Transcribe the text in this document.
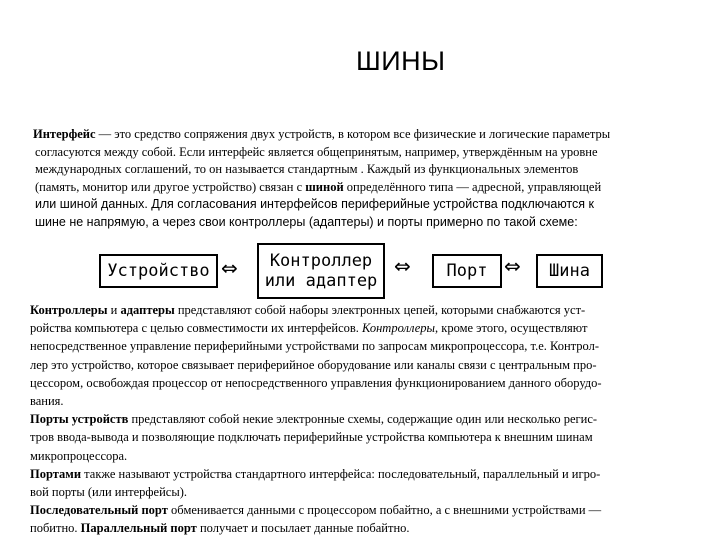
ШИНЫ
Интерфейс — это средство сопряжения двух устройств, в котором все физические и логические параметры
согласуются между собой. Если интерфейс является общепринятым, например, утверждённым на уровне
международных соглашений, то он называется стандартным . Каждый из функциональных элементов
(память, монитор или другое устройство) связан с шиной определённого типа — адресной, управляющей
или шиной данных. Для согласования интерфейсов периферийные устройства подключаются к
шине не напрямую, а через свои контроллеры (адаптеры) и порты примерно по такой схеме:
Устройство ⇔ Контроллер
или адаптер
⇔ Порт ⇔ Шина
Контроллеры и адаптеры представляют собой наборы электронных цепей, которыми снабжаются уст-
ройства компьютера с целью совместимости их интерфейсов. Контроллеры, кроме этого, осуществляют
непосредственное управление периферийными устройствами по запросам микропроцессора, т.е. Контрол-
лер это устройство, которое связывает периферийное оборудование или каналы связи с центральным про-
цессором, освобождая процессор от непосредственного управления функционированием данного оборудо-
вания.
Порты устройств представляют собой некие электронные схемы, содержащие один или несколько регис-
тров ввода-вывода и позволяющие подключать периферийные устройства компьютера к внешним шинам
микропроцессора.
Портами также называют устройства стандартного интерфейса: последовательный, параллельный и игро-
вой порты (или интерфейсы).
Последовательный порт обменивается данными с процессором побайтно, а с внешними устройствами —
побитно. Параллельный порт получает и посылает данные побайтно.
